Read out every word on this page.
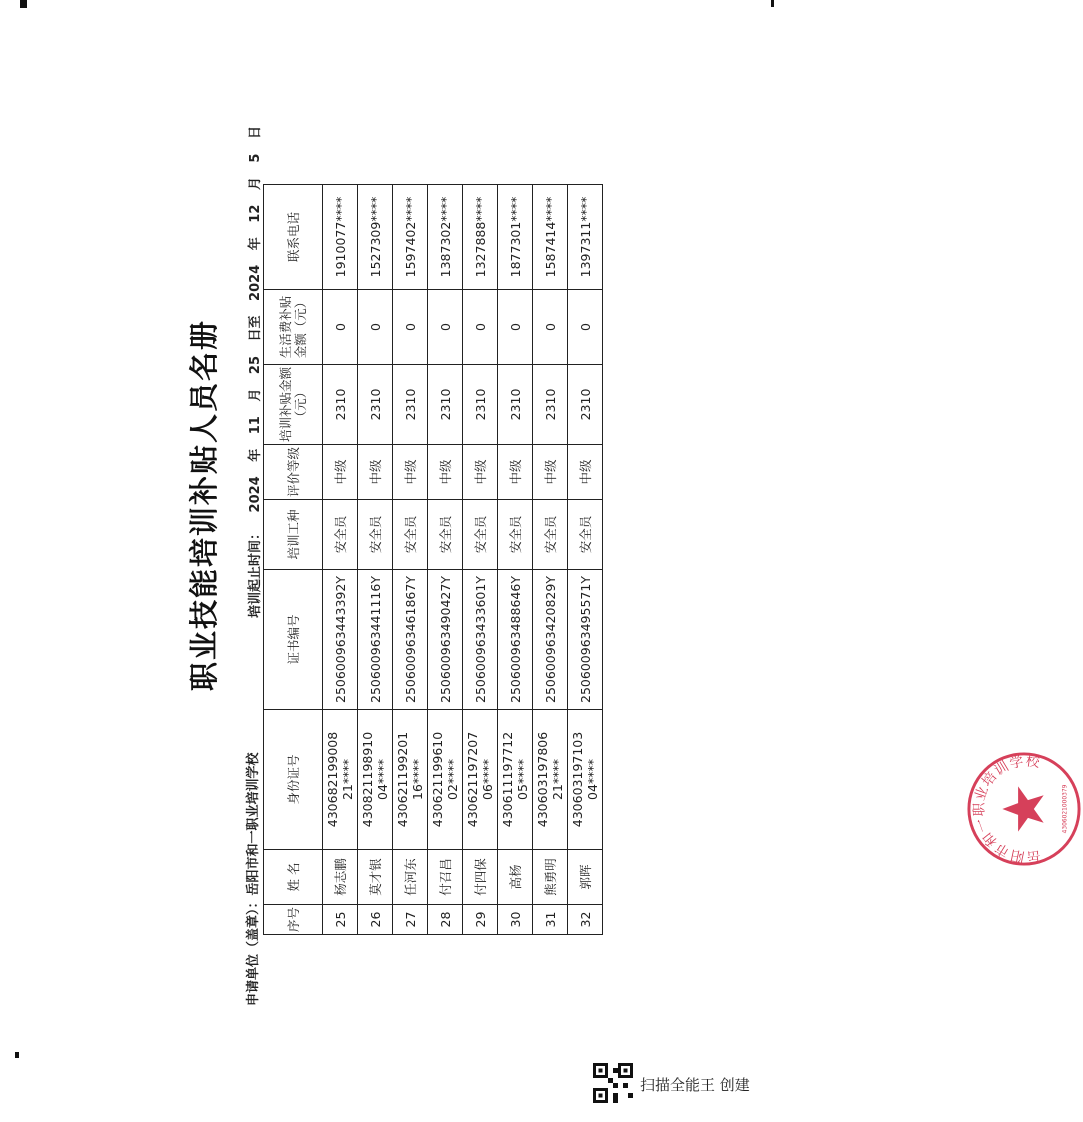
职业技能培训补贴人员名册
申请单位（盖章）：岳阳市和一职业培训学校
培训起止时间： 2024 年 11 月 25 日至 2024 年 12 月 5 日
序号	姓 名	身份证号	证书编号	培训工种	评价等级	培训补贴金额（元）	生活费补贴金额（元）	联系电话
25	杨志鹏	430682199008​21****	25060096344339​2Y	安全员	中级	2310	0	1910077****
26	莫才银	430821198910​04****	25060096344111​6Y	安全员	中级	2310	0	1527309****
27	任河东	430621199201​16****	25060096346186​7Y	安全员	中级	2310	0	1597402****
28	付召昌	430621199610​02****	25060096349042​7Y	安全员	中级	2310	0	1387302****
29	付四保	430621197207​06****	25060096343360​1Y	安全员	中级	2310	0	1327888****
30	高杨	430611197712​05****	25060096348864​6Y	安全员	中级	2310	0	1877301****
31	熊勇明	430603197806​21****	25060096342082​9Y	安全员	中级	2310	0	1587414****
32	郭晖	430603197103​04****	25060096349557​1Y	安全员	中级	2310	0	1397311****
岳阳市和一职业培训学校
4306021000379
扫描全能王 创建
